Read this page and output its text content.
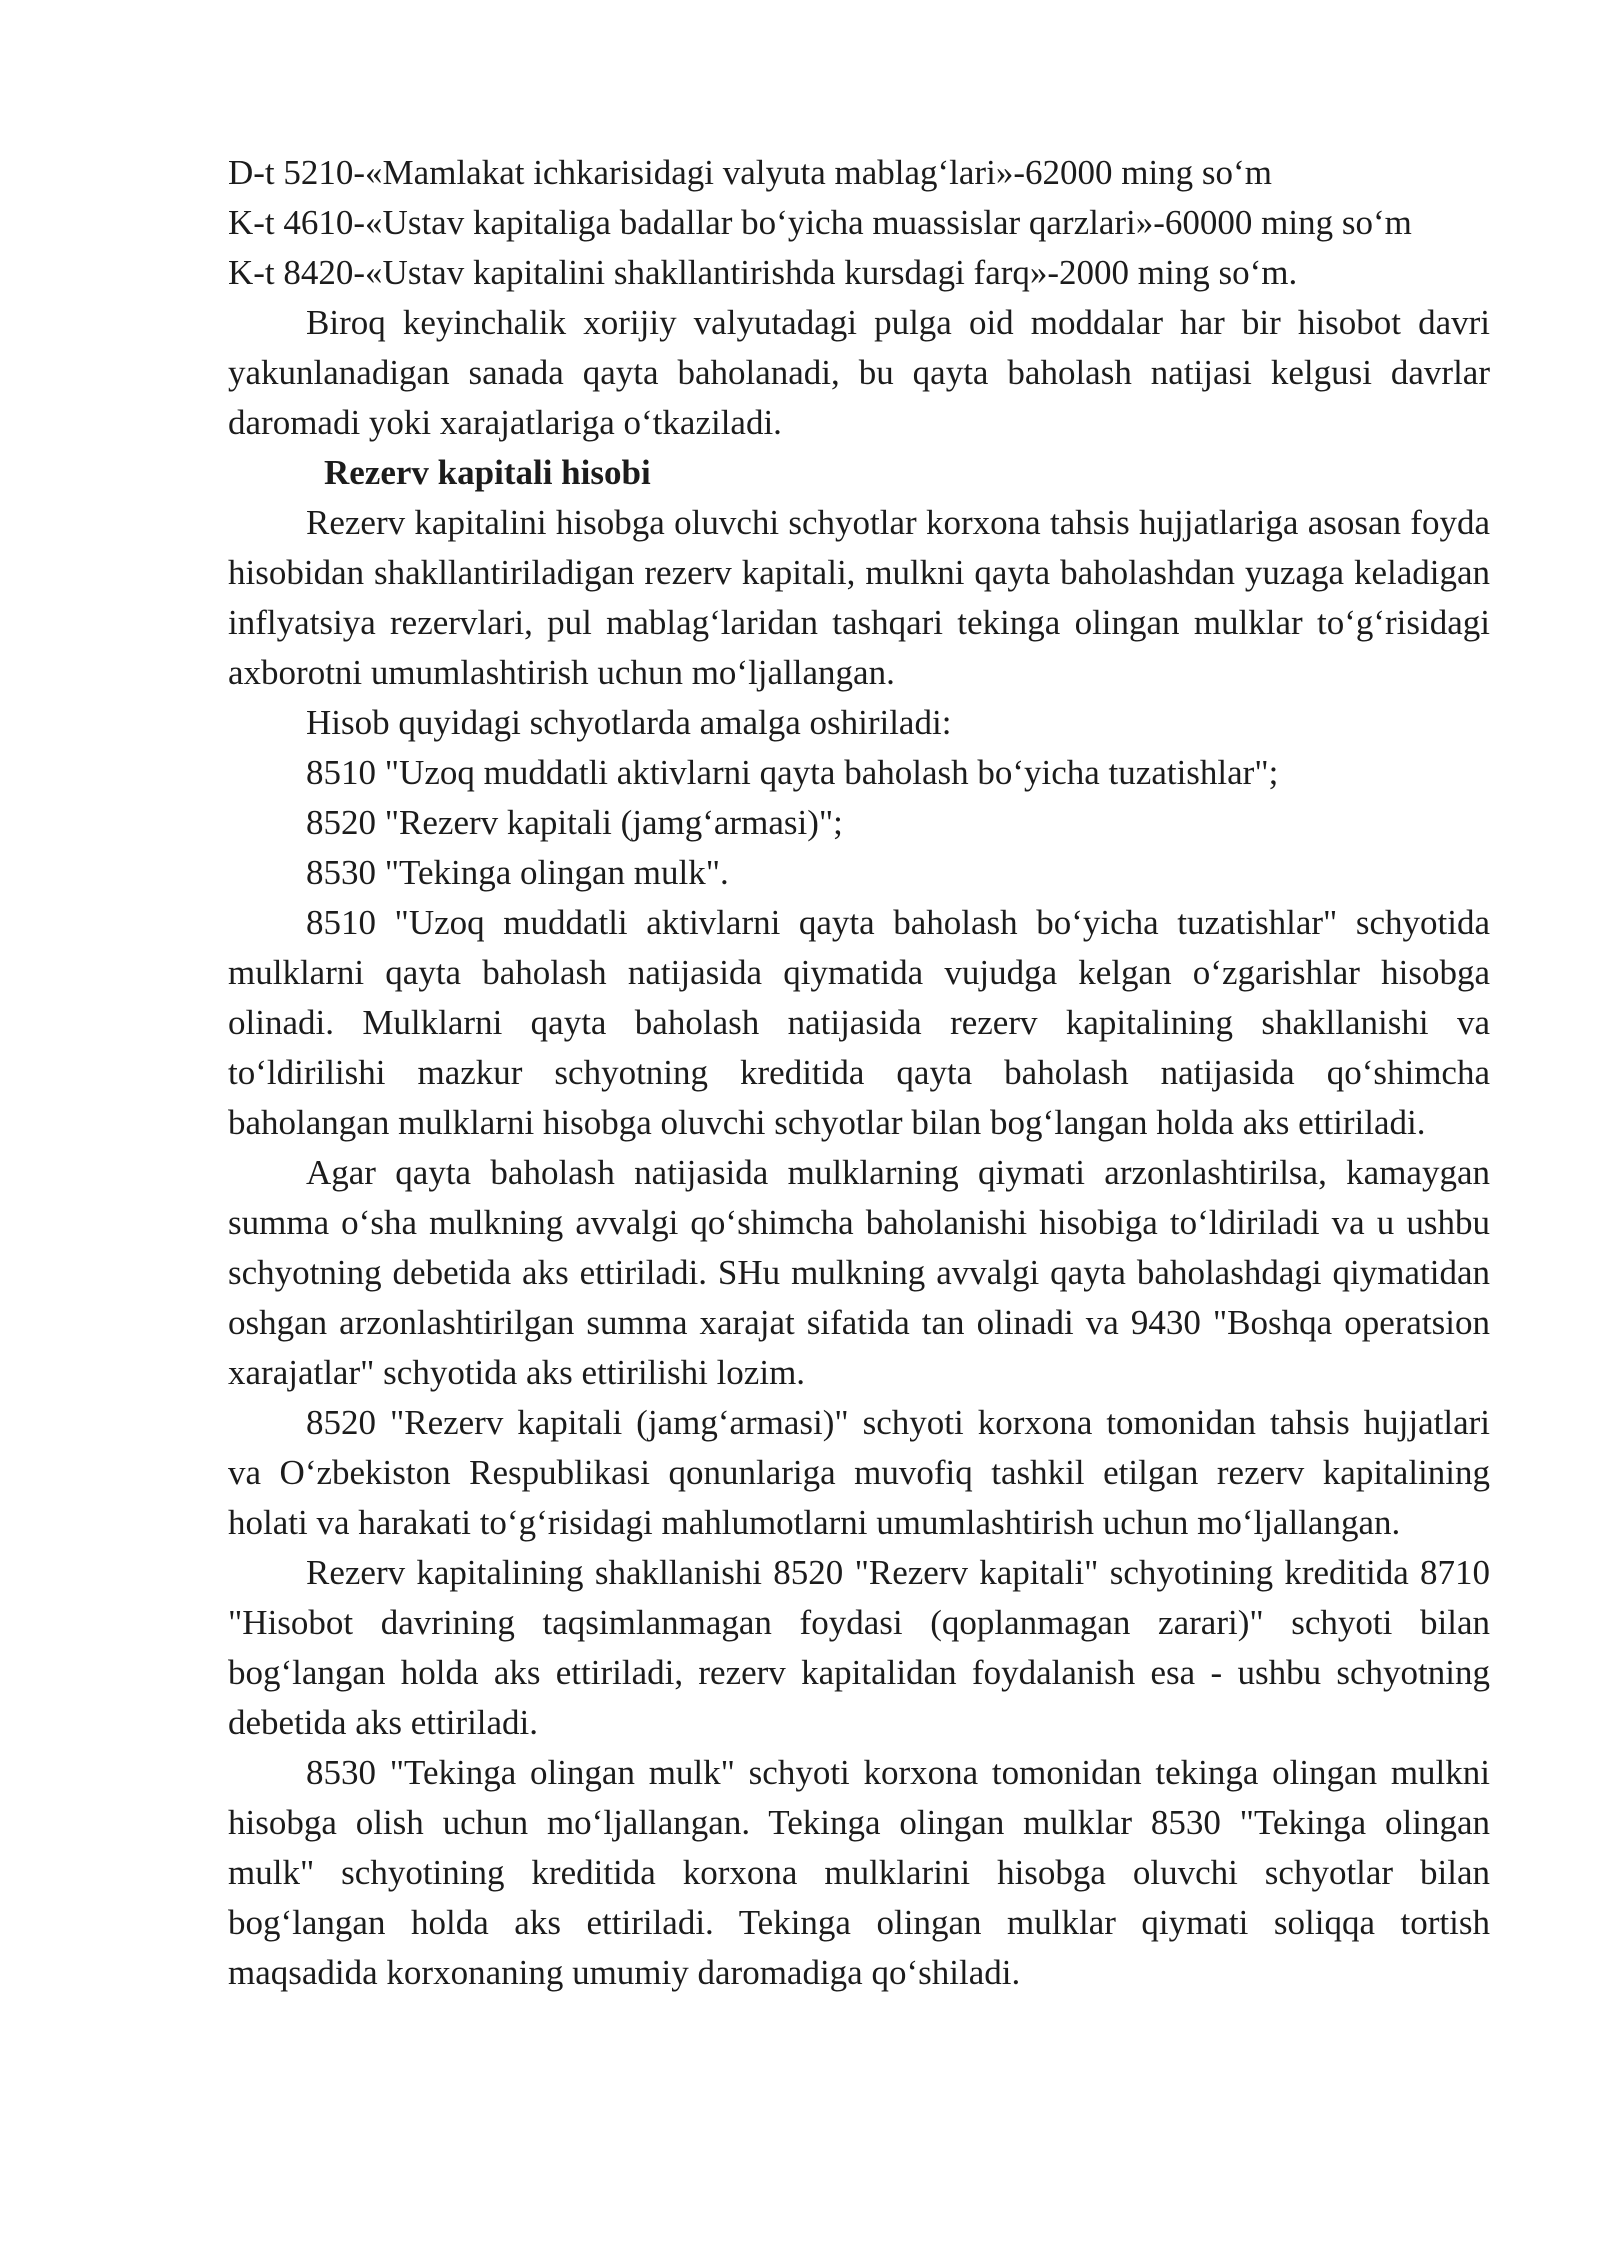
D-t 5210-«Mamlakat ichkarisidagi valyuta mablag‘lari»-62000 ming so‘m

K-t 4610-«Ustav kapitaliga badallar bo‘yicha muassislar qarzlari»-60000 ming so‘m

K-t 8420-«Ustav kapitalini shakllantirishda kursdagi farq»-2000 ming so‘m.

Biroq keyinchalik xorijiy valyutadagi pulga oid moddalar har bir hisobot davri yakunlanadigan sanada qayta baholanadi, bu qayta baholash natijasi kelgusi davrlar daromadi yoki xarajatlariga o‘tkaziladi.

Rezerv kapitali hisobi

Rezerv kapitalini hisobga oluvchi schyotlar korxona tahsis hujjatlariga asosan foyda hisobidan shakllantiriladigan rezerv kapitali, mulkni qayta baholashdan yuzaga keladigan inflyatsiya rezervlari, pul mablag‘laridan tashqari tekinga olingan mulklar to‘g‘risidagi axborotni umumlashtirish uchun mo‘ljallangan.

Hisob quyidagi schyotlarda amalga oshiriladi:

8510 "Uzoq muddatli aktivlarni qayta baholash bo‘yicha tuzatishlar";

8520 "Rezerv kapitali (jamg‘armasi)";

8530 "Tekinga olingan mulk".

8510 "Uzoq muddatli aktivlarni qayta baholash bo‘yicha tuzatishlar" schyotida mulklarni qayta baholash natijasida qiymatida vujudga kelgan o‘zgarishlar hisobga olinadi. Mulklarni qayta baholash natijasida rezerv kapitalining shakllanishi va to‘ldirilishi mazkur schyotning kreditida qayta baholash natijasida qo‘shimcha baholangan mulklarni hisobga oluvchi schyotlar bilan bog‘langan holda aks ettiriladi.

Agar qayta baholash natijasida mulklarning qiymati arzonlashtirilsa, kamaygan summa o‘sha mulkning avvalgi qo‘shimcha baholanishi hisobiga to‘ldiriladi va u ushbu schyotning debetida aks ettiriladi. SHu mulkning avvalgi qayta baholashdagi qiymatidan oshgan arzonlashtirilgan summa xarajat sifatida tan olinadi va 9430 "Boshqa operatsion xarajatlar" schyotida aks ettirilishi lozim.

8520 "Rezerv kapitali (jamg‘armasi)" schyoti korxona tomonidan tahsis hujjatlari va O‘zbekiston Respublikasi qonunlariga muvofiq tashkil etilgan rezerv kapitalining holati va harakati to‘g‘risidagi mahlumotlarni umumlashtirish uchun mo‘ljallangan.

Rezerv kapitalining shakllanishi 8520 "Rezerv kapitali" schyotining kreditida 8710 "Hisobot davrining taqsimlanmagan foydasi (qoplanmagan zarari)" schyoti bilan bog‘langan holda aks ettiriladi, rezerv kapitalidan foydalanish esa - ushbu schyotning debetida aks ettiriladi.

8530 "Tekinga olingan mulk" schyoti korxona tomonidan tekinga olingan mulkni hisobga olish uchun mo‘ljallangan. Tekinga olingan mulklar 8530 "Tekinga olingan mulk" schyotining kreditida korxona mulklarini hisobga oluvchi schyotlar bilan bog‘langan holda aks ettiriladi. Tekinga olingan mulklar qiymati soliqqa tortish maqsadida korxonaning umumiy daromadiga qo‘shiladi.
